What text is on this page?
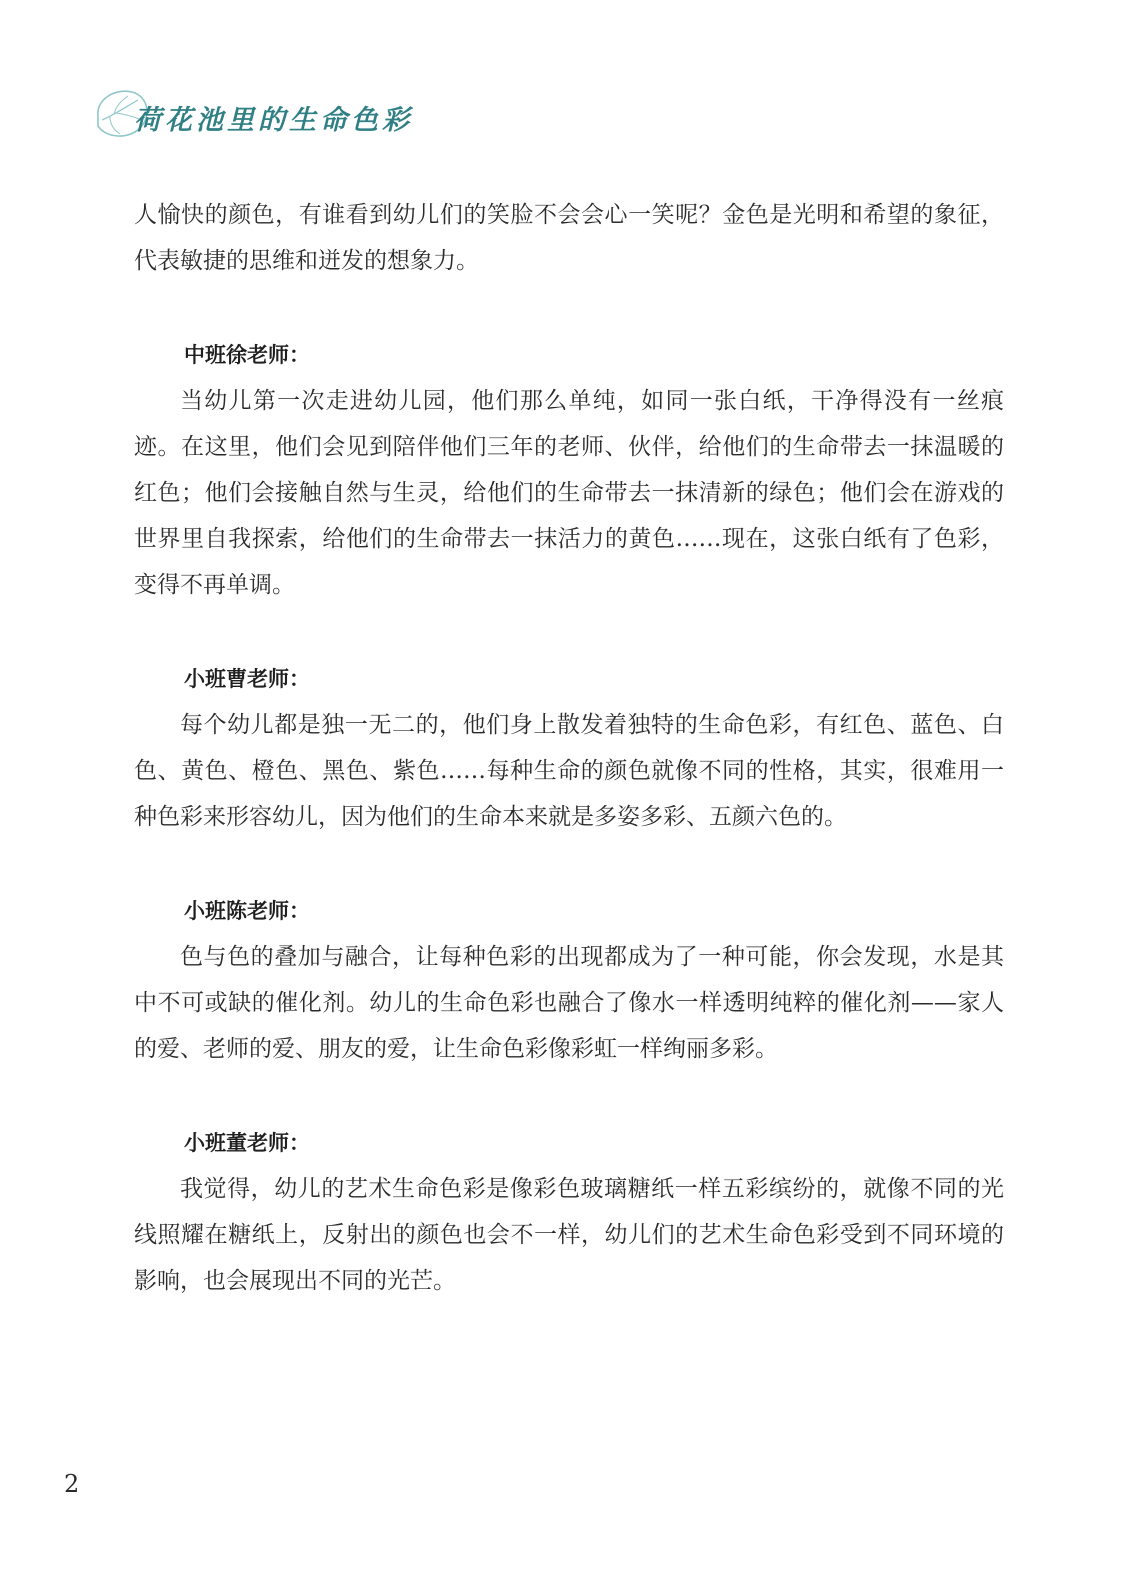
荷花池里的生命色彩

人愉快的颜色，有谁看到幼儿们的笑脸不会会心一笑呢？金色是光明和希望的象征，代表敏捷的思维和迸发的想象力。

中班徐老师：

当幼儿第一次走进幼儿园，他们那么单纯，如同一张白纸，干净得没有一丝痕迹。在这里，他们会见到陪伴他们三年的老师、伙伴，给他们的生命带去一抹温暖的红色；他们会接触自然与生灵，给他们的生命带去一抹清新的绿色；他们会在游戏的世界里自我探索，给他们的生命带去一抹活力的黄色……现在，这张白纸有了色彩，变得不再单调。

小班曹老师：

每个幼儿都是独一无二的，他们身上散发着独特的生命色彩，有红色、蓝色、白色、黄色、橙色、黑色、紫色……每种生命的颜色就像不同的性格，其实，很难用一种色彩来形容幼儿，因为他们的生命本来就是多姿多彩、五颜六色的。

小班陈老师：

色与色的叠加与融合，让每种色彩的出现都成为了一种可能，你会发现，水是其中不可或缺的催化剂。幼儿的生命色彩也融合了像水一样透明纯粹的催化剂——家人的爱、老师的爱、朋友的爱，让生命色彩像彩虹一样绚丽多彩。

小班董老师：

我觉得，幼儿的艺术生命色彩是像彩色玻璃糖纸一样五彩缤纷的，就像不同的光线照耀在糖纸上，反射出的颜色也会不一样，幼儿们的艺术生命色彩受到不同环境的影响，也会展现出不同的光芒。

2
